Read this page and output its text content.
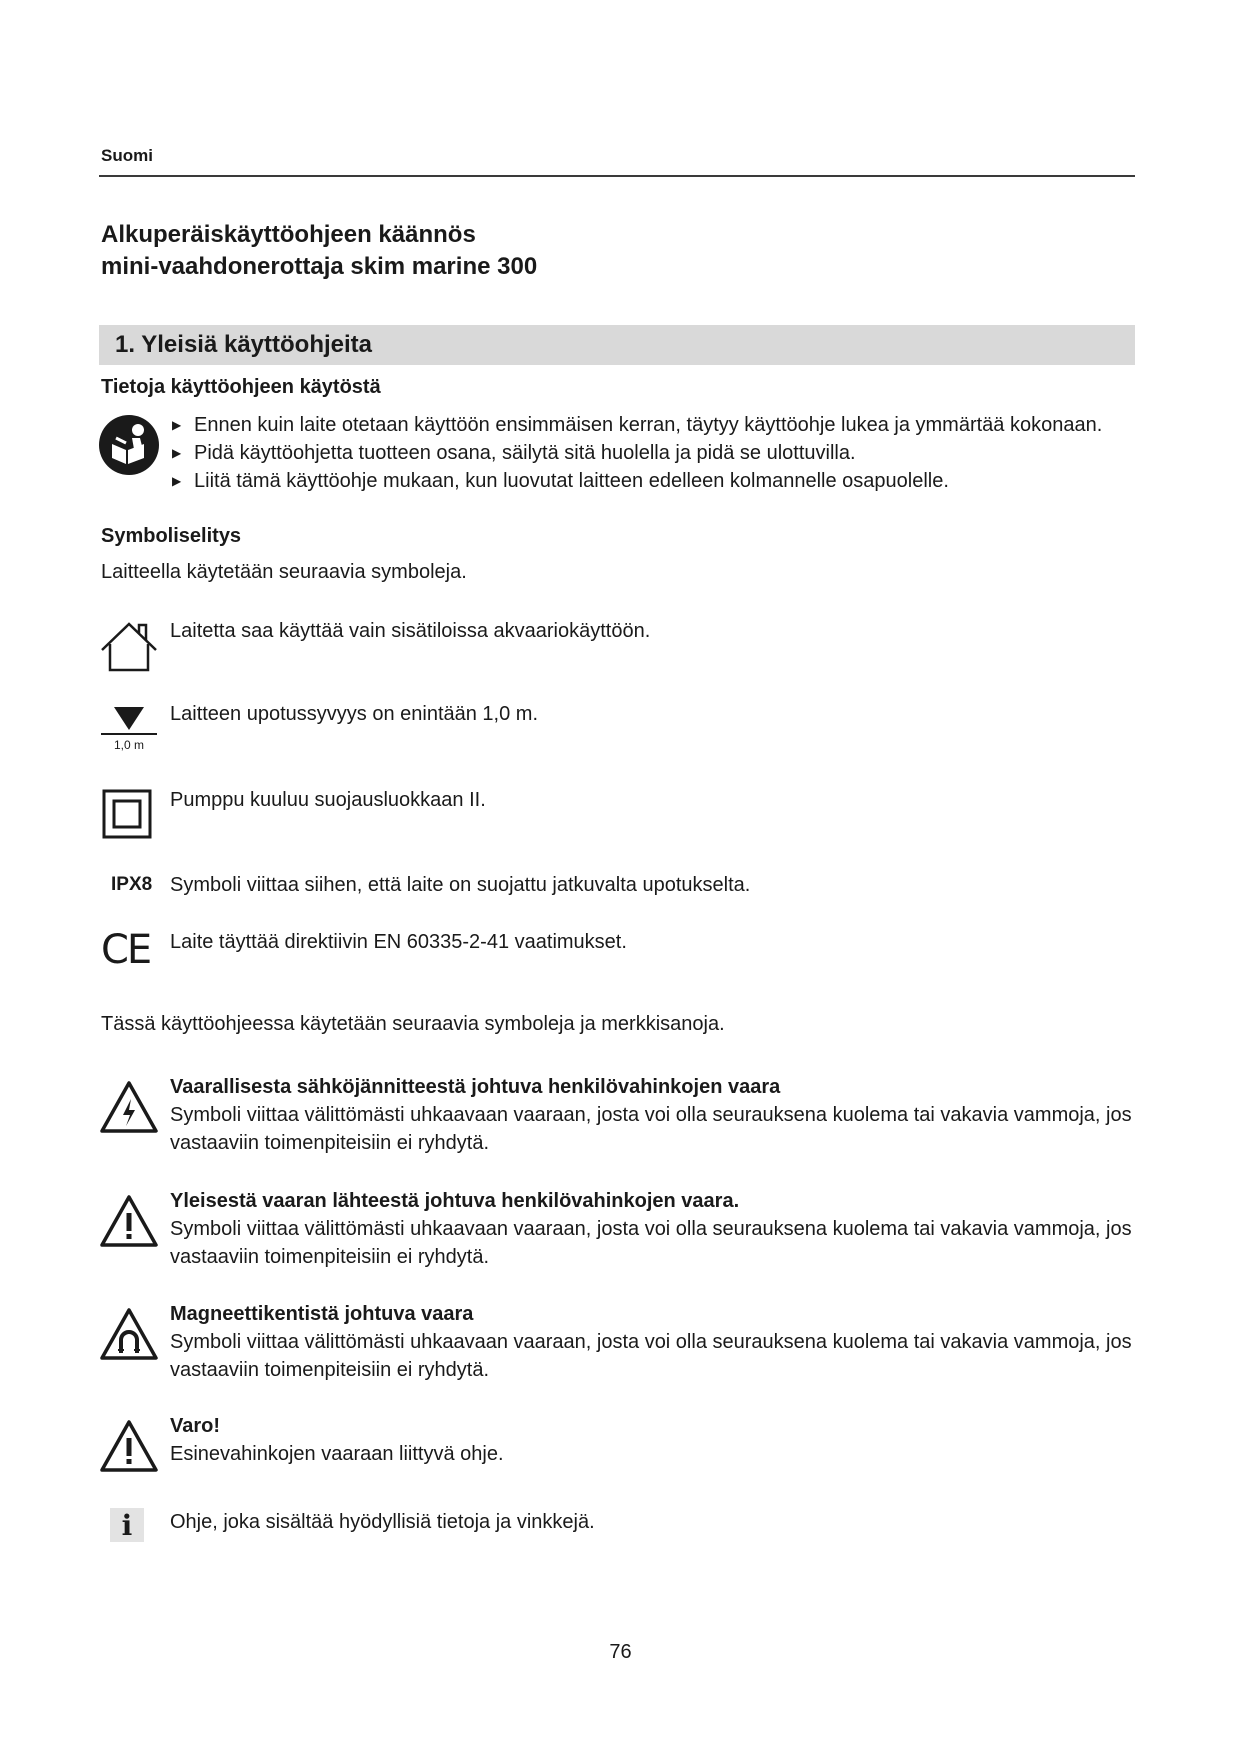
Suomi
Alkuperäiskäyttöohjeen käännös
mini-vaahdonerottaja skim marine 300
1. Yleisiä käyttöohjeita
Tietoja käyttöohjeen käytöstä
▶ Ennen kuin laite otetaan käyttöön ensimmäisen kerran, täytyy käyttöohje lukea ja ymmärtää kokonaan.
▶ Pidä käyttöohjetta tuotteen osana, säilytä sitä huolella ja pidä se ulottuvilla.
▶ Liitä tämä käyttöohje mukaan, kun luovutat laitteen edelleen kolmannelle osapuolelle.
Symboliselitys
Laitteella käytetään seuraavia symboleja.
Laitetta saa käyttää vain sisätiloissa akvaariokäyttöön.
1,0 m
Laitteen upotussyvyys on enintään 1,0 m.
Pumppu kuuluu suojausluokkaan II.
IPX8 Symboli viittaa siihen, että laite on suojattu jatkuvalta upotukselta.
CE Laite täyttää direktiivin EN 60335-2-41 vaatimukset.
Tässä käyttöohjeessa käytetään seuraavia symboleja ja merkkisanoja.
Vaarallisesta sähköjännitteestä johtuva henkilövahinkojen vaara
Symboli viittaa välittömästi uhkaavaan vaaraan, josta voi olla seurauksena kuolema tai vakavia vammoja, jos
vastaaviin toimenpiteisiin ei ryhdytä.
Yleisestä vaaran lähteestä johtuva henkilövahinkojen vaara.
Symboli viittaa välittömästi uhkaavaan vaaraan, josta voi olla seurauksena kuolema tai vakavia vammoja, jos
vastaaviin toimenpiteisiin ei ryhdytä.
Magneettikentistä johtuva vaara
Symboli viittaa välittömästi uhkaavaan vaaraan, josta voi olla seurauksena kuolema tai vakavia vammoja, jos
vastaaviin toimenpiteisiin ei ryhdytä.
Varo!
Esinevahinkojen vaaraan liittyvä ohje.
i	Ohje, joka sisältää hyödyllisiä tietoja ja vinkkejä.
76
